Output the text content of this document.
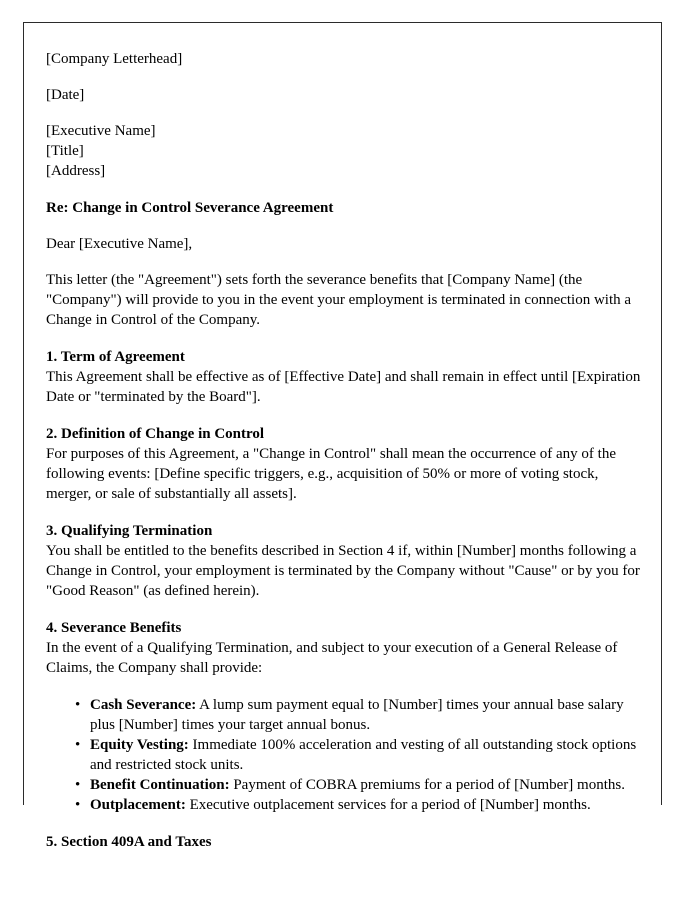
[Company Letterhead]

[Date]

[Executive Name]

[Title]

[Address]

Re: Change in Control Severance Agreement

Dear [Executive Name],

This letter (the "Agreement") sets forth the severance benefits that [Company Name] (the "Company") will provide to you in the event your employment is terminated in connection with a Change in Control of the Company.

1. Term of Agreement

This Agreement shall be effective as of [Effective Date] and shall remain in effect until [Expiration Date or "terminated by the Board"].

2. Definition of Change in Control

For purposes of this Agreement, a "Change in Control" shall mean the occurrence of any of the following events: [Define specific triggers, e.g., acquisition of 50% or more of voting stock, merger, or sale of substantially all assets].

3. Qualifying Termination

You shall be entitled to the benefits described in Section 4 if, within [Number] months following a Change in Control, your employment is terminated by the Company without "Cause" or by you for "Good Reason" (as defined herein).

4. Severance Benefits

In the event of a Qualifying Termination, and subject to your execution of a General Release of Claims, the Company shall provide:

• Cash Severance: A lump sum payment equal to [Number] times your annual base salary plus [Number] times your target annual bonus.
• Equity Vesting: Immediate 100% acceleration and vesting of all outstanding stock options and restricted stock units.
• Benefit Continuation: Payment of COBRA premiums for a period of [Number] months.
• Outplacement: Executive outplacement services for a period of [Number] months.

5. Section 409A and Taxes
